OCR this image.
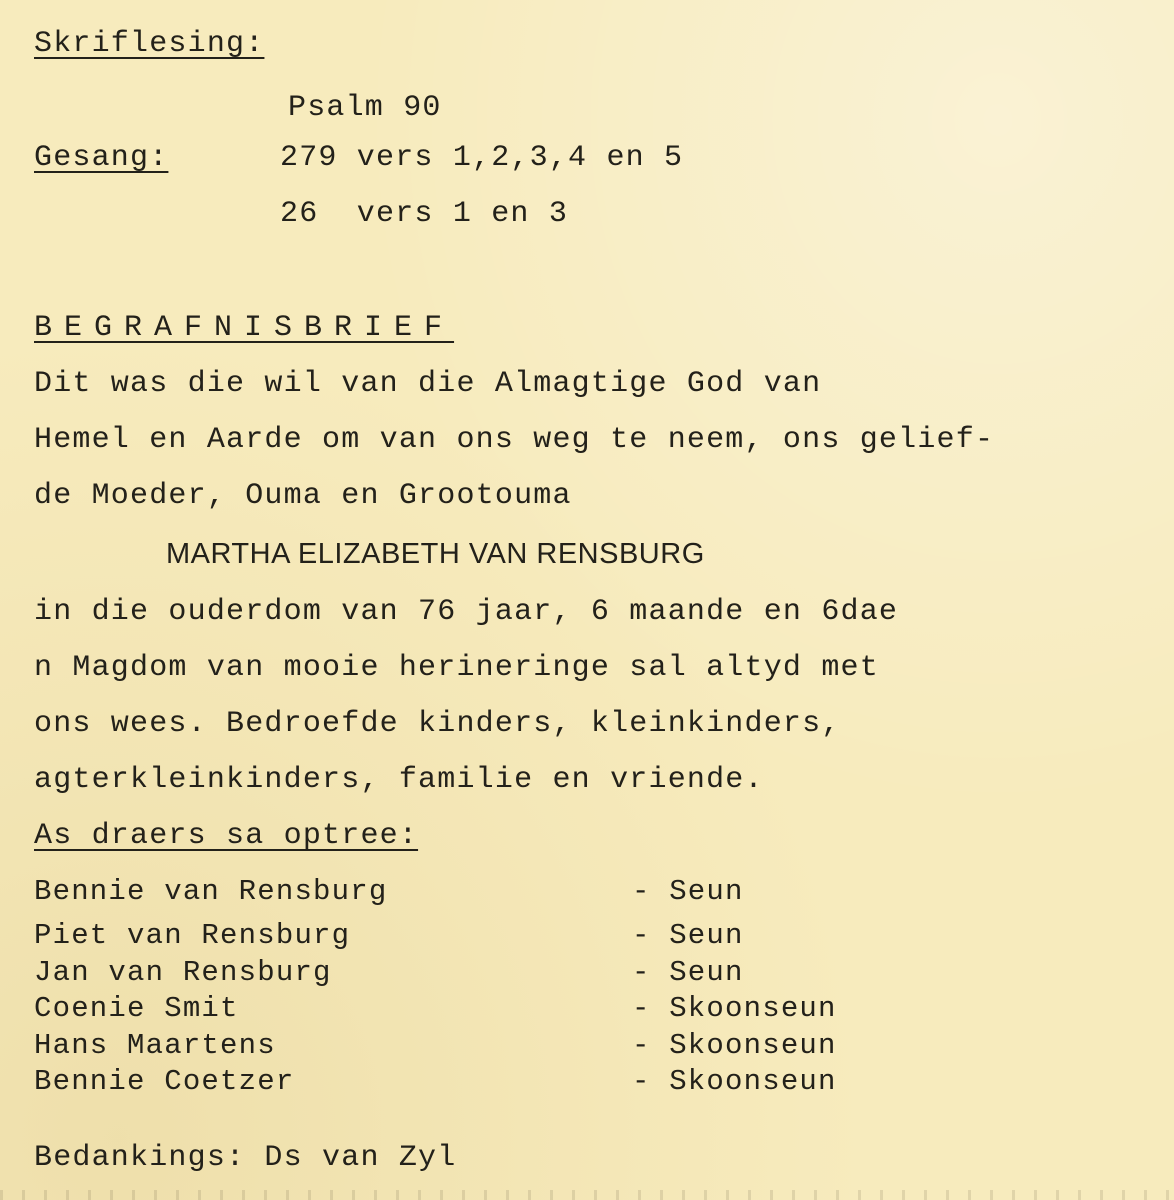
Skriflesing:
Psalm 90
Gesang:	279 vers 1,2,3,4 en 5
26  vers 1 en 3
BEGRAFNISBRIEF
Dit was die wil van die Almagtige God van
Hemel en Aarde om van ons weg te neem, ons gelief-
de Moeder, Ouma en Grootouma
MARTHA ELIZABETH VAN RENSBURG
in die ouderdom van 76 jaar, 6 maande en 6dae
n Magdom van mooie herineringe sal altyd met
ons wees. Bedroefde kinders, kleinkinders,
agterkleinkinders, familie en vriende.
As draers sa optree:
Bennie van Rensburg	- Seun
Piet van Rensburg	- Seun
Jan van Rensburg	- Seun
Coenie Smit	- Skoonseun
Hans Maartens	- Skoonseun
Bennie Coetzer	- Skoonseun
Bedankings: Ds van Zyl
